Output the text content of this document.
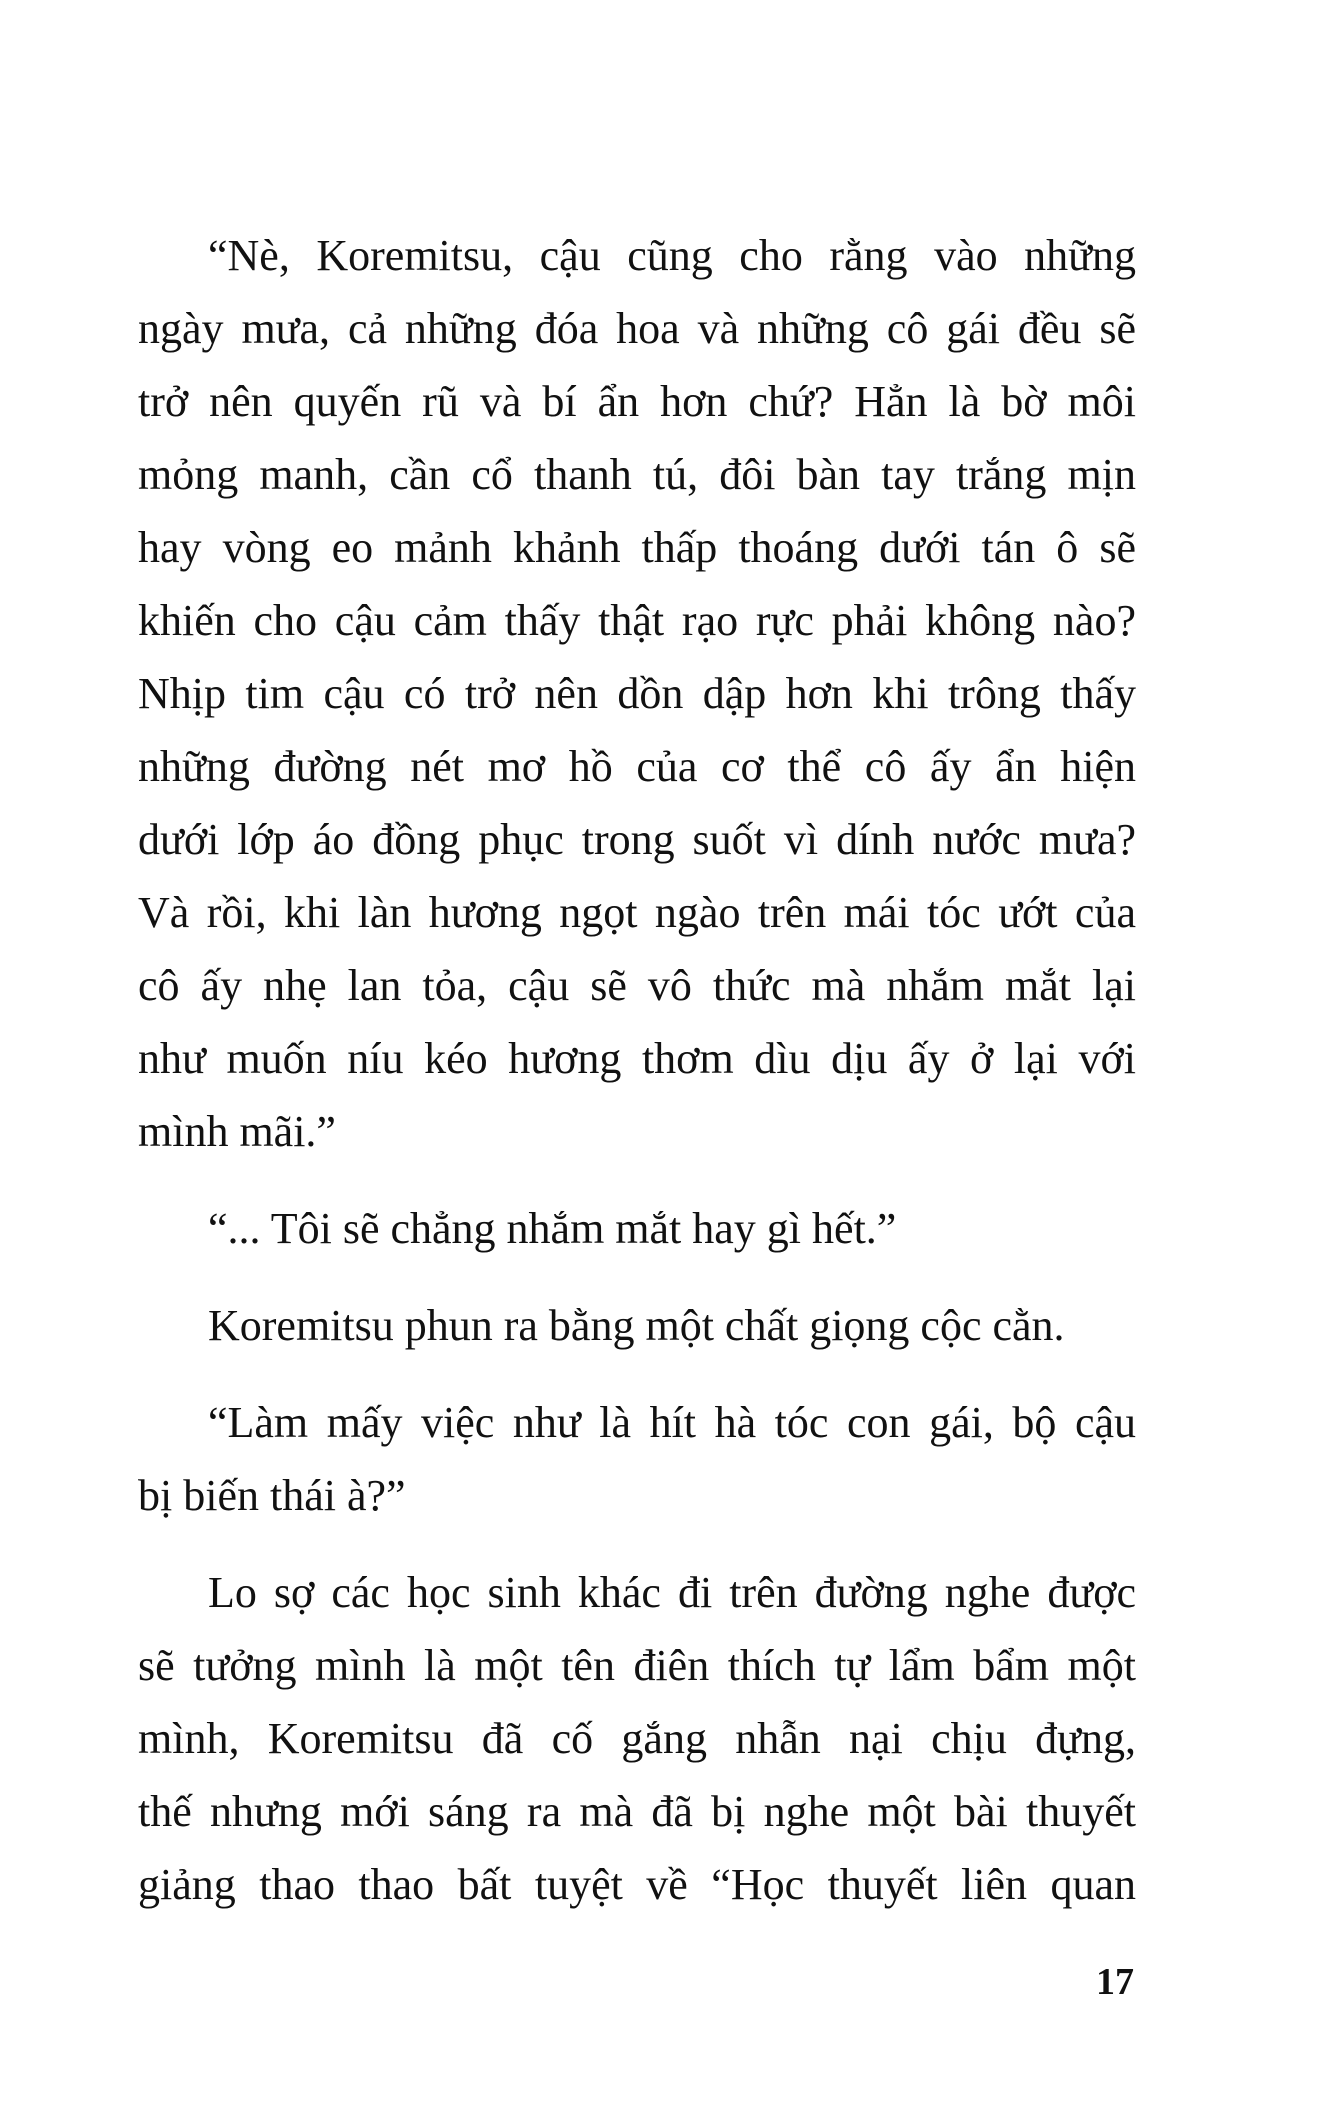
“Nè, Koremitsu, cậu cũng cho rằng vào những
ngày mưa, cả những đóa hoa và những cô gái đều sẽ
trở nên quyến rũ và bí ẩn hơn chứ? Hẳn là bờ môi
mỏng manh, cần cổ thanh tú, đôi bàn tay trắng mịn
hay vòng eo mảnh khảnh thấp thoáng dưới tán ô sẽ
khiến cho cậu cảm thấy thật rạo rực phải không nào?
Nhịp tim cậu có trở nên dồn dập hơn khi trông thấy
những đường nét mơ hồ của cơ thể cô ấy ẩn hiện
dưới lớp áo đồng phục trong suốt vì dính nước mưa?
Và rồi, khi làn hương ngọt ngào trên mái tóc ướt của
cô ấy nhẹ lan tỏa, cậu sẽ vô thức mà nhắm mắt lại
như muốn níu kéo hương thơm dìu dịu ấy ở lại với
mình mãi.”
“... Tôi sẽ chẳng nhắm mắt hay gì hết.”
Koremitsu phun ra bằng một chất giọng cộc cằn.
“Làm mấy việc như là hít hà tóc con gái, bộ cậu
bị biến thái à?”
Lo sợ các học sinh khác đi trên đường nghe được
sẽ tưởng mình là một tên điên thích tự lẩm bẩm một
mình, Koremitsu đã cố gắng nhẫn nại chịu đựng,
thế nhưng mới sáng ra mà đã bị nghe một bài thuyết
giảng thao thao bất tuyệt về “Học thuyết liên quan
17
